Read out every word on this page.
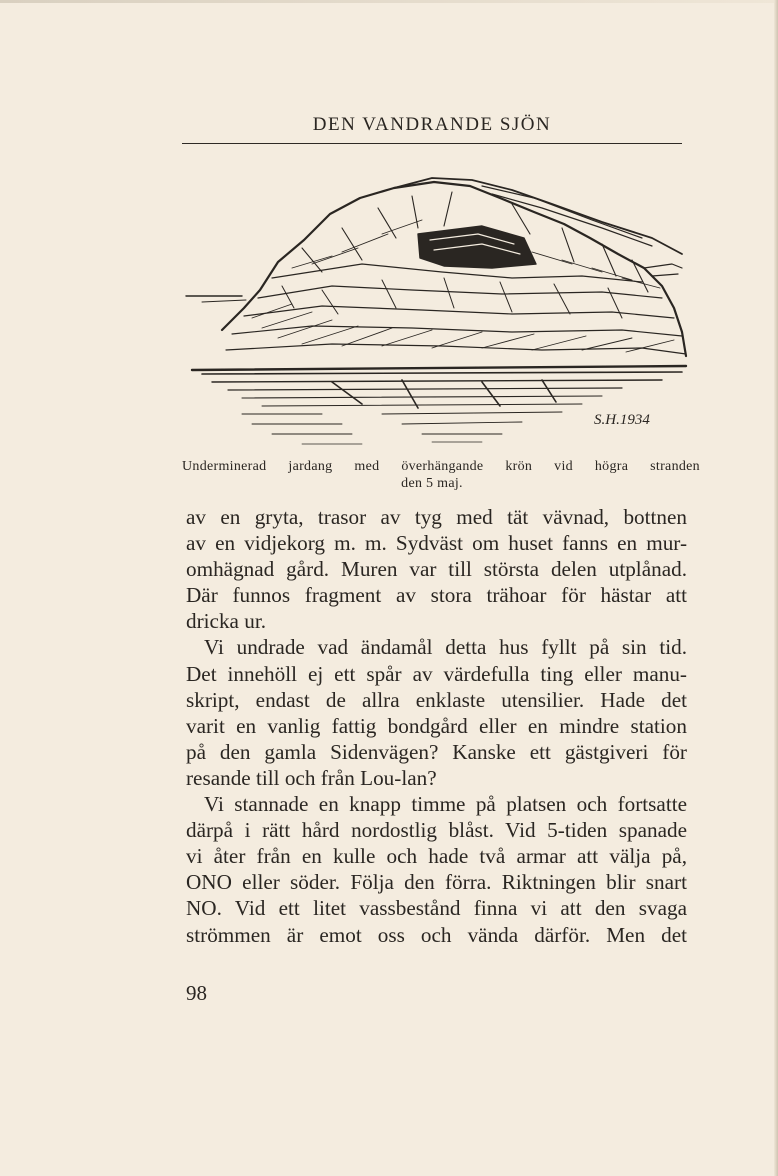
DEN VANDRANDE SJÖN
S.H.1934
Underminerad jardang med överhängande krön vid högra stranden
den 5 maj.
av en gryta, trasor av tyg med tät vävnad, bottnen
av en vidjekorg m. m. Sydväst om huset fanns en mur-
omhägnad gård. Muren var till största delen utplånad.
Där funnos fragment av stora trähoar för hästar att
dricka ur.
Vi undrade vad ändamål detta hus fyllt på sin tid.
Det innehöll ej ett spår av värdefulla ting eller manu-
skript, endast de allra enklaste utensilier. Hade det
varit en vanlig fattig bondgård eller en mindre station
på den gamla Sidenvägen? Kanske ett gästgiveri för
resande till och från Lou-lan?
Vi stannade en knapp timme på platsen och fortsatte
därpå i rätt hård nordostlig blåst. Vid 5-tiden spanade
vi åter från en kulle och hade två armar att välja på,
ONO eller söder. Följa den förra. Riktningen blir snart
NO. Vid ett litet vassbestånd finna vi att den svaga
strömmen är emot oss och vända därför. Men det
98
